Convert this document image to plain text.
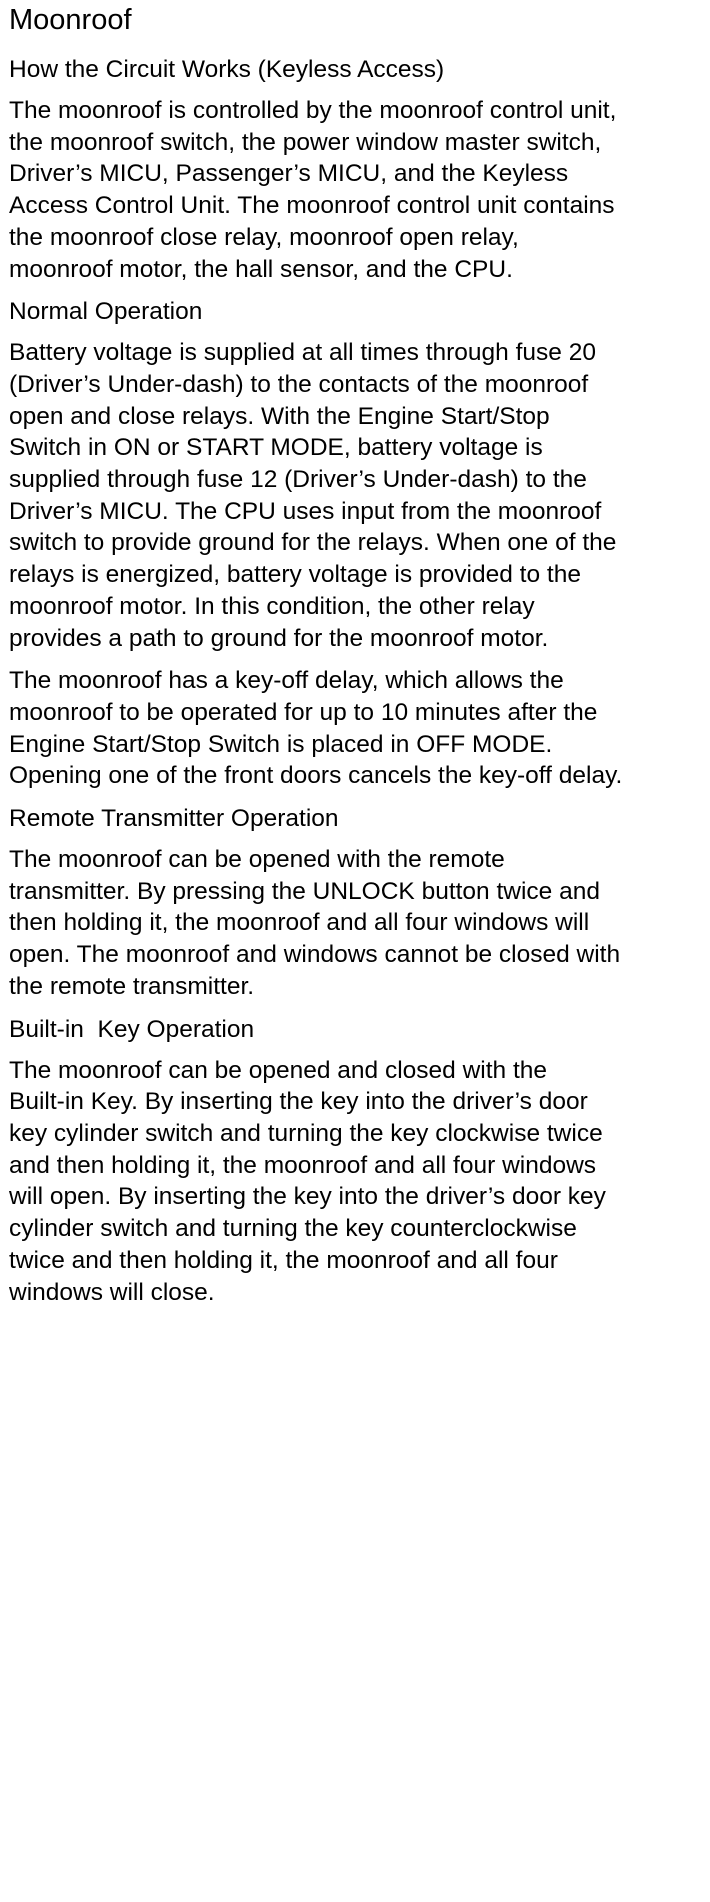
Moonroof
How the Circuit Works (Keyless Access)

The moonroof is controlled by the moonroof control unit,
the moonroof switch, the power window master switch,
Driver’s MICU, Passenger’s MICU, and the Keyless
Access Control Unit. The moonroof control unit contains
the moonroof close relay, moonroof open relay,
moonroof motor, the hall sensor, and the CPU.

Normal Operation

Battery voltage is supplied at all times through fuse 20
(Driver’s Under-dash) to the contacts of the moonroof
open and close relays. With the Engine Start/Stop
Switch in ON or START MODE, battery voltage is
supplied through fuse 12 (Driver’s Under-dash) to the
Driver’s MICU. The CPU uses input from the moonroof
switch to provide ground for the relays. When one of the
relays is energized, battery voltage is provided to the
moonroof motor. In this condition, the other relay
provides a path to ground for the moonroof motor.

The moonroof has a key-off delay, which allows the
moonroof to be operated for up to 10 minutes after the
Engine Start/Stop Switch is placed in OFF MODE.
Opening one of the front doors cancels the key-off delay.

Remote Transmitter Operation

The moonroof can be opened with the remote
transmitter. By pressing the UNLOCK button twice and
then holding it, the moonroof and all four windows will
open. The moonroof and windows cannot be closed with
the remote transmitter.

Built-in  Key Operation

The moonroof can be opened and closed with the
Built-in Key. By inserting the key into the driver’s door
key cylinder switch and turning the key clockwise twice
and then holding it, the moonroof and all four windows
will open. By inserting the key into the driver’s door key
cylinder switch and turning the key counterclockwise
twice and then holding it, the moonroof and all four
windows will close.
